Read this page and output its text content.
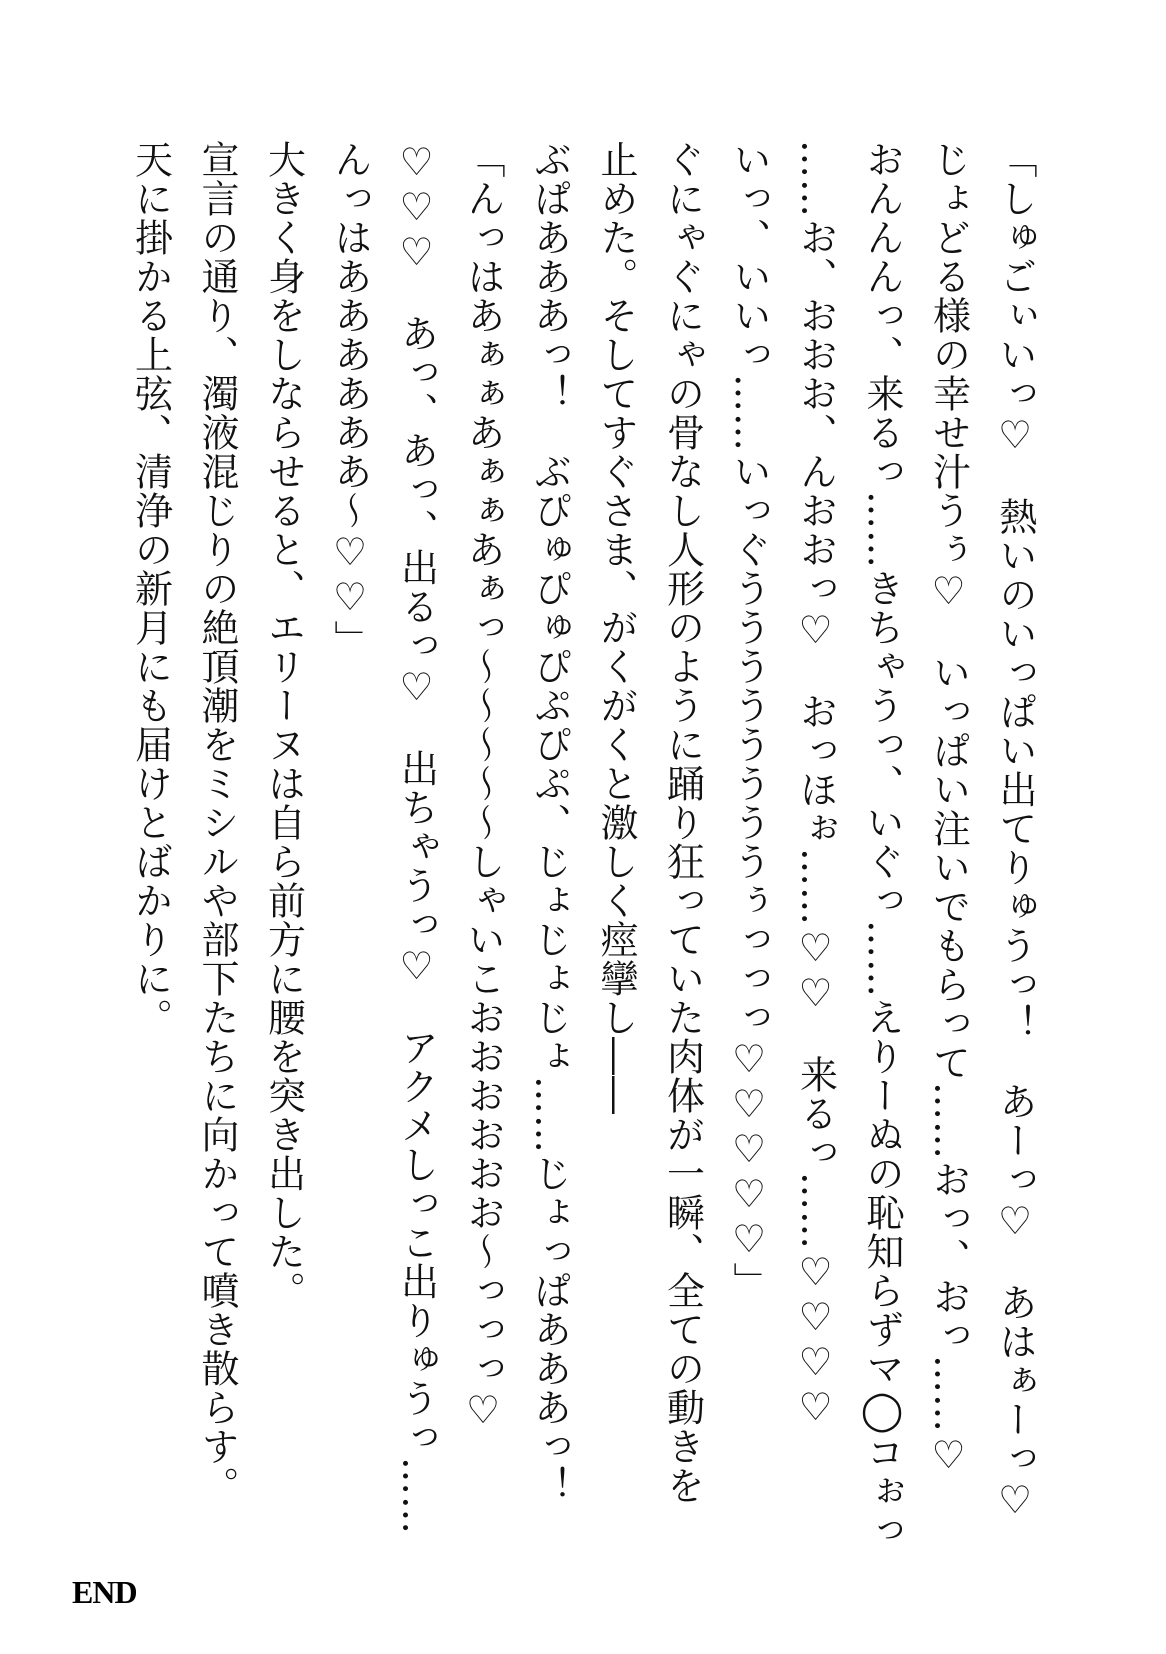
「しゅごぃいっ♡　熱いのいっぱい出てりゅうっ！　あーっ♡　あはぁーっ♡
じょどる様の幸せ汁うぅ♡　いっぱい注いでもらって……おっ、おっ……♡
おんんんっ、来るっ……きちゃうっ、いぐっ……えりーぬの恥知らずマ◯コぉっ
……お、おおお、んおおっ♡　おっほぉ……♡♡　来るっ……♡♡♡♡
いっ、いいっ……いっぐううううううううぅっっっ♡♡♡♡♡」
ぐにゃぐにゃの骨なし人形のように踊り狂っていた肉体が一瞬、全ての動きを
止めた。そしてすぐさま、がくがくと激しく痙攣し――
ぶぱあああっ！　ぶぴゅぴゅぴぷぴぷ、じょじょじょ……じょっぱあああっ！
「んっはあぁぁあぁぁあぁっ～～～～～しゃいこおおおおおお～っっっ♡
♡♡♡　あっ、あっ、出るっ♡　出ちゃうっ♡　アクメしっこ出りゅうっ……
んっはああああああ～♡♡」
大きく身をしならせると、エリーヌは自ら前方に腰を突き出した。
宣言の通り、濁液混じりの絶頂潮をミシルや部下たちに向かって噴き散らす。
天に掛かる上弦、清浄の新月にも届けとばかりに。
END
